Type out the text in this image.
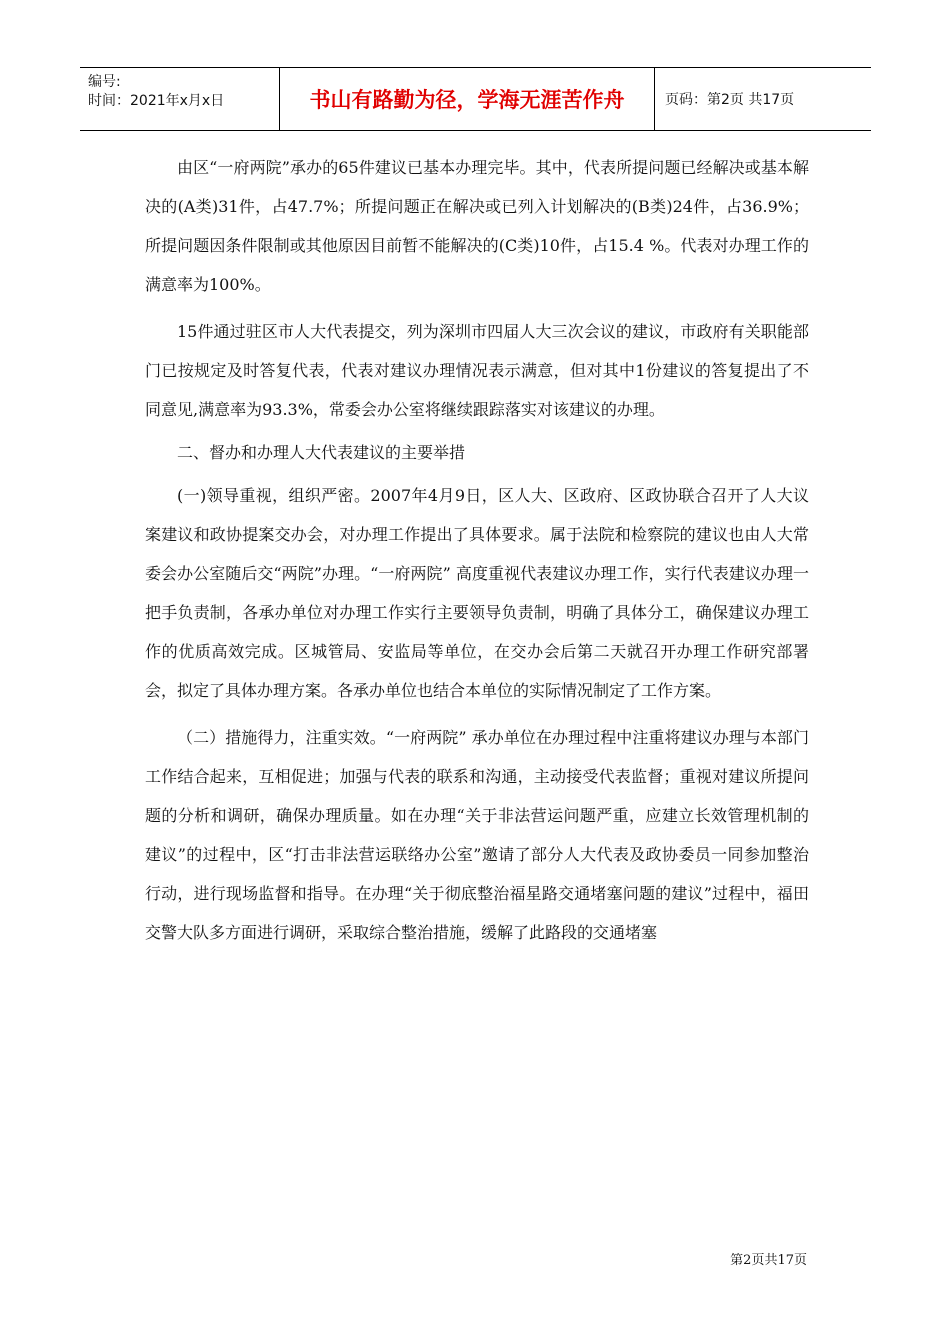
编号:
时间：2021年x月x日	书山有路勤为径，学海无涯苦作舟	页码：第2页 共17页

由区“一府两院”承办的65件建议已基本办理完毕。其中，代表所提问题已经解决或基本解决的(A类)31件，占47.7%；所提问题正在解决或已列入计划解决的(B类)24件，占36.9%；所提问题因条件限制或其他原因目前暂不能解决的(C类)10件，占15.4 %。代表对办理工作的满意率为100%。

15件通过驻区市人大代表提交，列为深圳市四届人大三次会议的建议，市政府有关职能部门已按规定及时答复代表，代表对建议办理情况表示满意，但对其中1份建议的答复提出了不同意见,满意率为93.3%，常委会办公室将继续跟踪落实对该建议的办理。

二、督办和办理人大代表建议的主要举措

(一)领导重视，组织严密。2007年4月9日，区人大、区政府、区政协联合召开了人大议案建议和政协提案交办会，对办理工作提出了具体要求。属于法院和检察院的建议也由人大常委会办公室随后交“两院”办理。“一府两院” 高度重视代表建议办理工作，实行代表建议办理一把手负责制，各承办单位对办理工作实行主要领导负责制，明确了具体分工，确保建议办理工作的优质高效完成。区城管局、安监局等单位，在交办会后第二天就召开办理工作研究部署会，拟定了具体办理方案。各承办单位也结合本单位的实际情况制定了工作方案。

（二）措施得力，注重实效。“一府两院” 承办单位在办理过程中注重将建议办理与本部门工作结合起来，互相促进；加强与代表的联系和沟通，主动接受代表监督；重视对建议所提问题的分析和调研，确保办理质量。如在办理“关于非法营运问题严重，应建立长效管理机制的建议”的过程中，区“打击非法营运联络办公室”邀请了部分人大代表及政协委员一同参加整治行动，进行现场监督和指导。在办理“关于彻底整治福星路交通堵塞问题的建议”过程中，福田交警大队多方面进行调研，采取综合整治措施，缓解了此路段的交通堵塞

第2页共17页
